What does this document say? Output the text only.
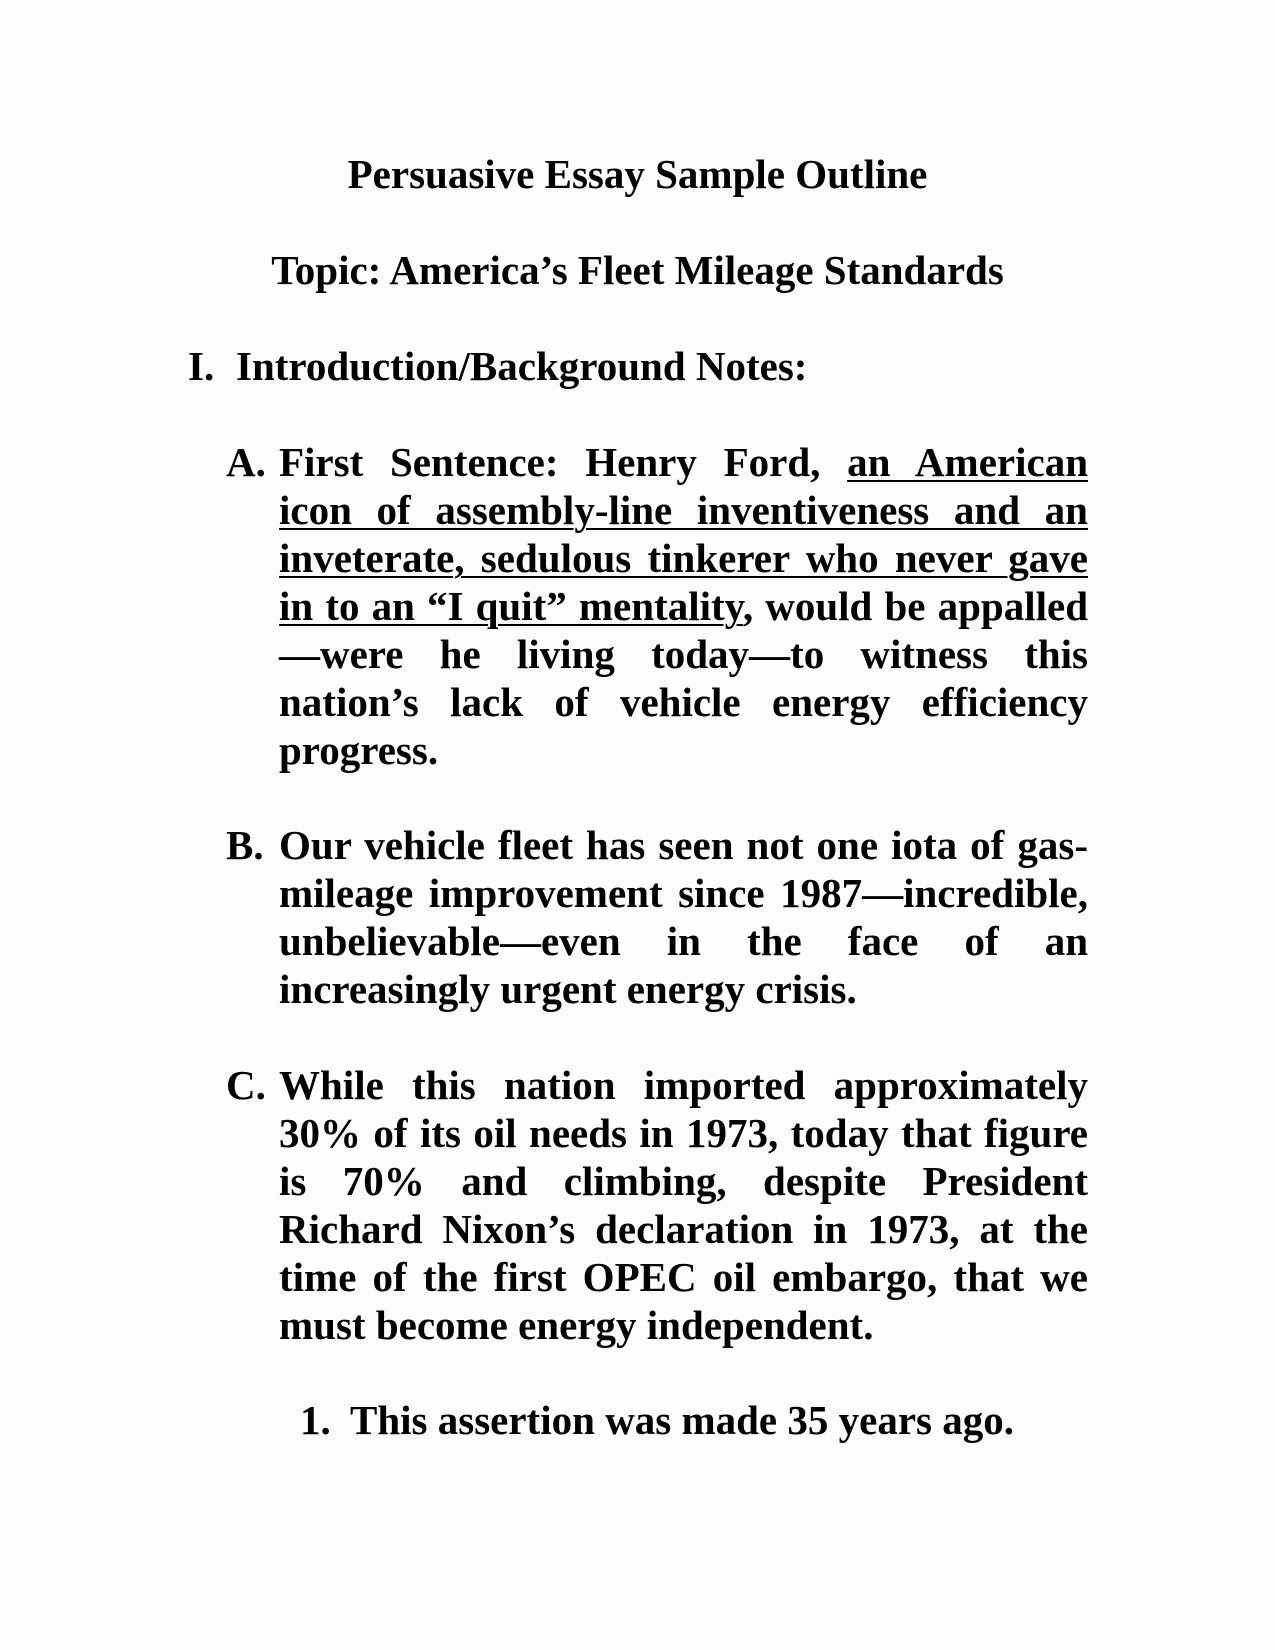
Persuasive Essay Sample Outline
Topic: America’s Fleet Mileage Standards
I. Introduction/Background Notes:
A. First Sentence: Henry Ford, an American icon of assembly-line inventiveness and an inveterate, sedulous tinkerer who never gave in to an “I quit” mentality, would be appalled—were he living today—to witness this nation’s lack of vehicle energy efficiency progress.
B. Our vehicle fleet has seen not one iota of gas-mileage improvement since 1987—incredible, unbelievable—even in the face of an increasingly urgent energy crisis.
C. While this nation imported approximately 30% of its oil needs in 1973, today that figure is 70% and climbing, despite President Richard Nixon’s declaration in 1973, at the time of the first OPEC oil embargo, that we must become energy independent.
1. This assertion was made 35 years ago.
